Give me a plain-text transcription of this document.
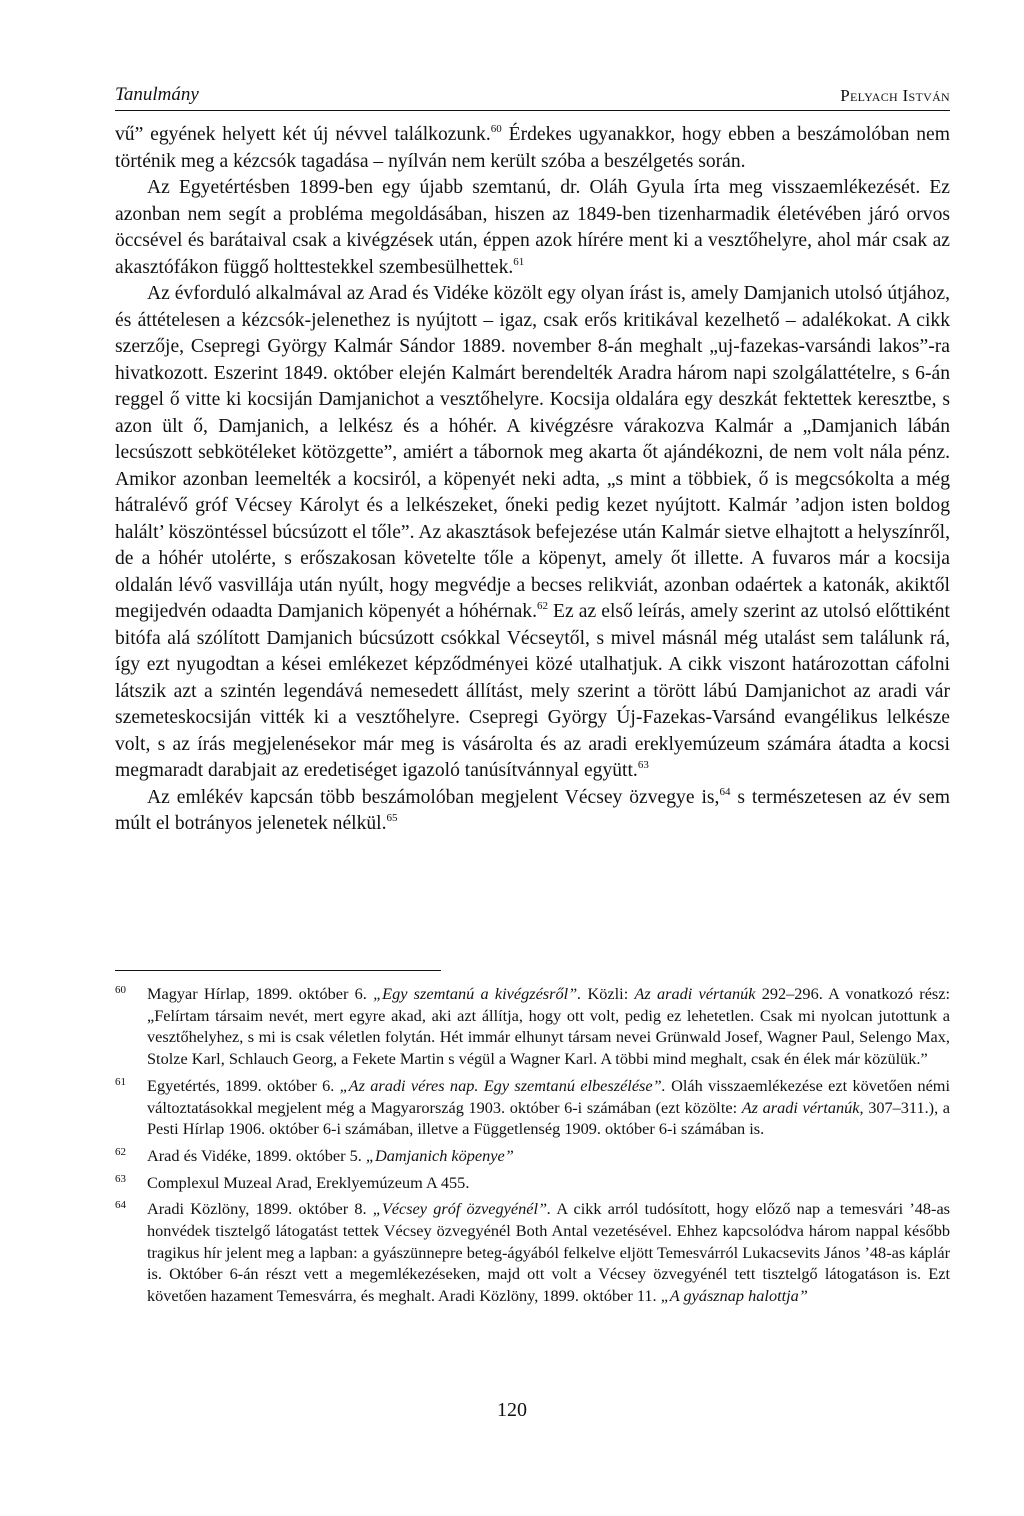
Tanulmány	Pelyach István

vű” egyének helyett két új névvel találkozunk.$^{60}$ Érdekes ugyanakkor, hogy ebben a beszámolóban nem történik meg a kézcsók tagadása – nyílván nem került szóba a beszélgetés során.

Az Egyetértésben 1899-ben egy újabb szemtanú, dr. Oláh Gyula írta meg visszaemlékezését. Ez azonban nem segít a probléma megoldásában, hiszen az 1849-ben tizenharmadik életévében járó orvos öccsével és barátaival csak a kivégzések után, éppen azok hírére ment ki a vesztőhelyre, ahol már csak az akasztófákon függő holttestekkel szembesülhettek.$^{61}$

Az évforduló alkalmával az Arad és Vidéke közölt egy olyan írást is, amely Damjanich utolsó útjához, és áttételesen a kézcsók-jelenethez is nyújtott – igaz, csak erős kritikával kezelhető – adalékokat. A cikk szerzője, Csepregi György Kalmár Sándor 1889. november 8-án meghalt „uj-fazekas-varsándi lakos”-ra hivatkozott. Eszerint 1849. október elején Kalmárt berendelték Aradra három napi szolgálattételre, s 6-án reggel ő vitte ki kocsiján Damjanichot a vesztőhelyre. Kocsija oldalára egy deszkát fektettek keresztbe, s azon ült ő, Damjanich, a lelkész és a hóhér. A kivégzésre várakozva Kalmár a „Damjanich lábán lecsúszott sebkötéleket kötözgette”, amiért a tábornok meg akarta őt ajándékozni, de nem volt nála pénz. Amikor azonban leemelték a kocsiról, a köpenyét neki adta, „s mint a többiek, ő is megcsókolta a még hátralévő gróf Vécsey Károlyt és a lelkészeket, őneki pedig kezet nyújtott. Kalmár ’adjon isten boldog halált’ köszöntéssel búcsúzott el tőle”. Az akasztások befejezése után Kalmár sietve elhajtott a helyszínről, de a hóhér utolérte, s erőszakosan követelte tőle a köpenyt, amely őt illette. A fuvaros már a kocsija oldalán lévő vasvillája után nyúlt, hogy megvédje a becses relikviát, azonban odaértek a katonák, akiktől megijedvén odaadta Damjanich köpenyét a hóhérnak.$^{62}$ Ez az első leírás, amely szerint az utolsó előttiként bitófa alá szólított Damjanich búcsúzott csókkal Vécseytől, s mivel másnál még utalást sem találunk rá, így ezt nyugodtan a kései emlékezet képződményei közé utalhatjuk. A cikk viszont határozottan cáfolni látszik azt a szintén legendává nemesedett állítást, mely szerint a törött lábú Damjanichot az aradi vár szemeteskocsiján vitték ki a vesztőhelyre. Csepregi György Új-Fazekas-Varsánd evangélikus lelkésze volt, s az írás megjelenésekor már meg is vásárolta és az aradi ereklyemúzeum számára átadta a kocsi megmaradt darabjait az eredetiséget igazoló tanúsítvánnyal együtt.$^{63}$

Az emlékév kapcsán több beszámolóban megjelent Vécsey özvegye is,$^{64}$ s természetesen az év sem múlt el botrányos jelenetek nélkül.$^{65}$

60 Magyar Hírlap, 1899. október 6. „Egy szemtanú a kivégzésről”. Közli: Az aradi vértanúk 292–296. A vonatkozó rész: „Felírtam társaim nevét, mert egyre akad, aki azt állítja, hogy ott volt, pedig ez lehetetlen. Csak mi nyolcan jutottunk a vesztőhelyhez, s mi is csak véletlen folytán. Hét immár elhunyt társam nevei Grünwald Josef, Wagner Paul, Selengo Max, Stolze Karl, Schlauch Georg, a Fekete Martin s végül a Wagner Karl. A többi mind meghalt, csak én élek már közülük.”
61 Egyetértés, 1899. október 6. „Az aradi véres nap. Egy szemtanú elbeszélése”. Oláh visszaemlékezése ezt követően némi változtatásokkal megjelent még a Magyarország 1903. október 6-i számában (ezt közölte: Az aradi vértanúk, 307–311.), a Pesti Hírlap 1906. október 6-i számában, illetve a Függetlenség 1909. október 6-i számában is.
62 Arad és Vidéke, 1899. október 5. „Damjanich köpenye”
63 Complexul Muzeal Arad, Ereklyemúzeum A 455.
64 Aradi Közlöny, 1899. október 8. „Vécsey gróf özvegyénél”. A cikk arról tudósított, hogy előző nap a temesvári ’48-as honvédek tisztelgő látogatást tettek Vécsey özvegyénél Both Antal vezetésével. Ehhez kapcsolódva három nappal később tragikus hír jelent meg a lapban: a gyászünnepre beteg-ágyából felkelve eljött Temesvárról Lukacsevits János ’48-as káplár is. Október 6-án részt vett a megemlékezéseken, majd ott volt a Vécsey özvegyénél tett tisztelgő látogatáson is. Ezt követően hazament Temesvárra, és meghalt. Aradi Közlöny, 1899. október 11. „A gyásznap halottja”
120
